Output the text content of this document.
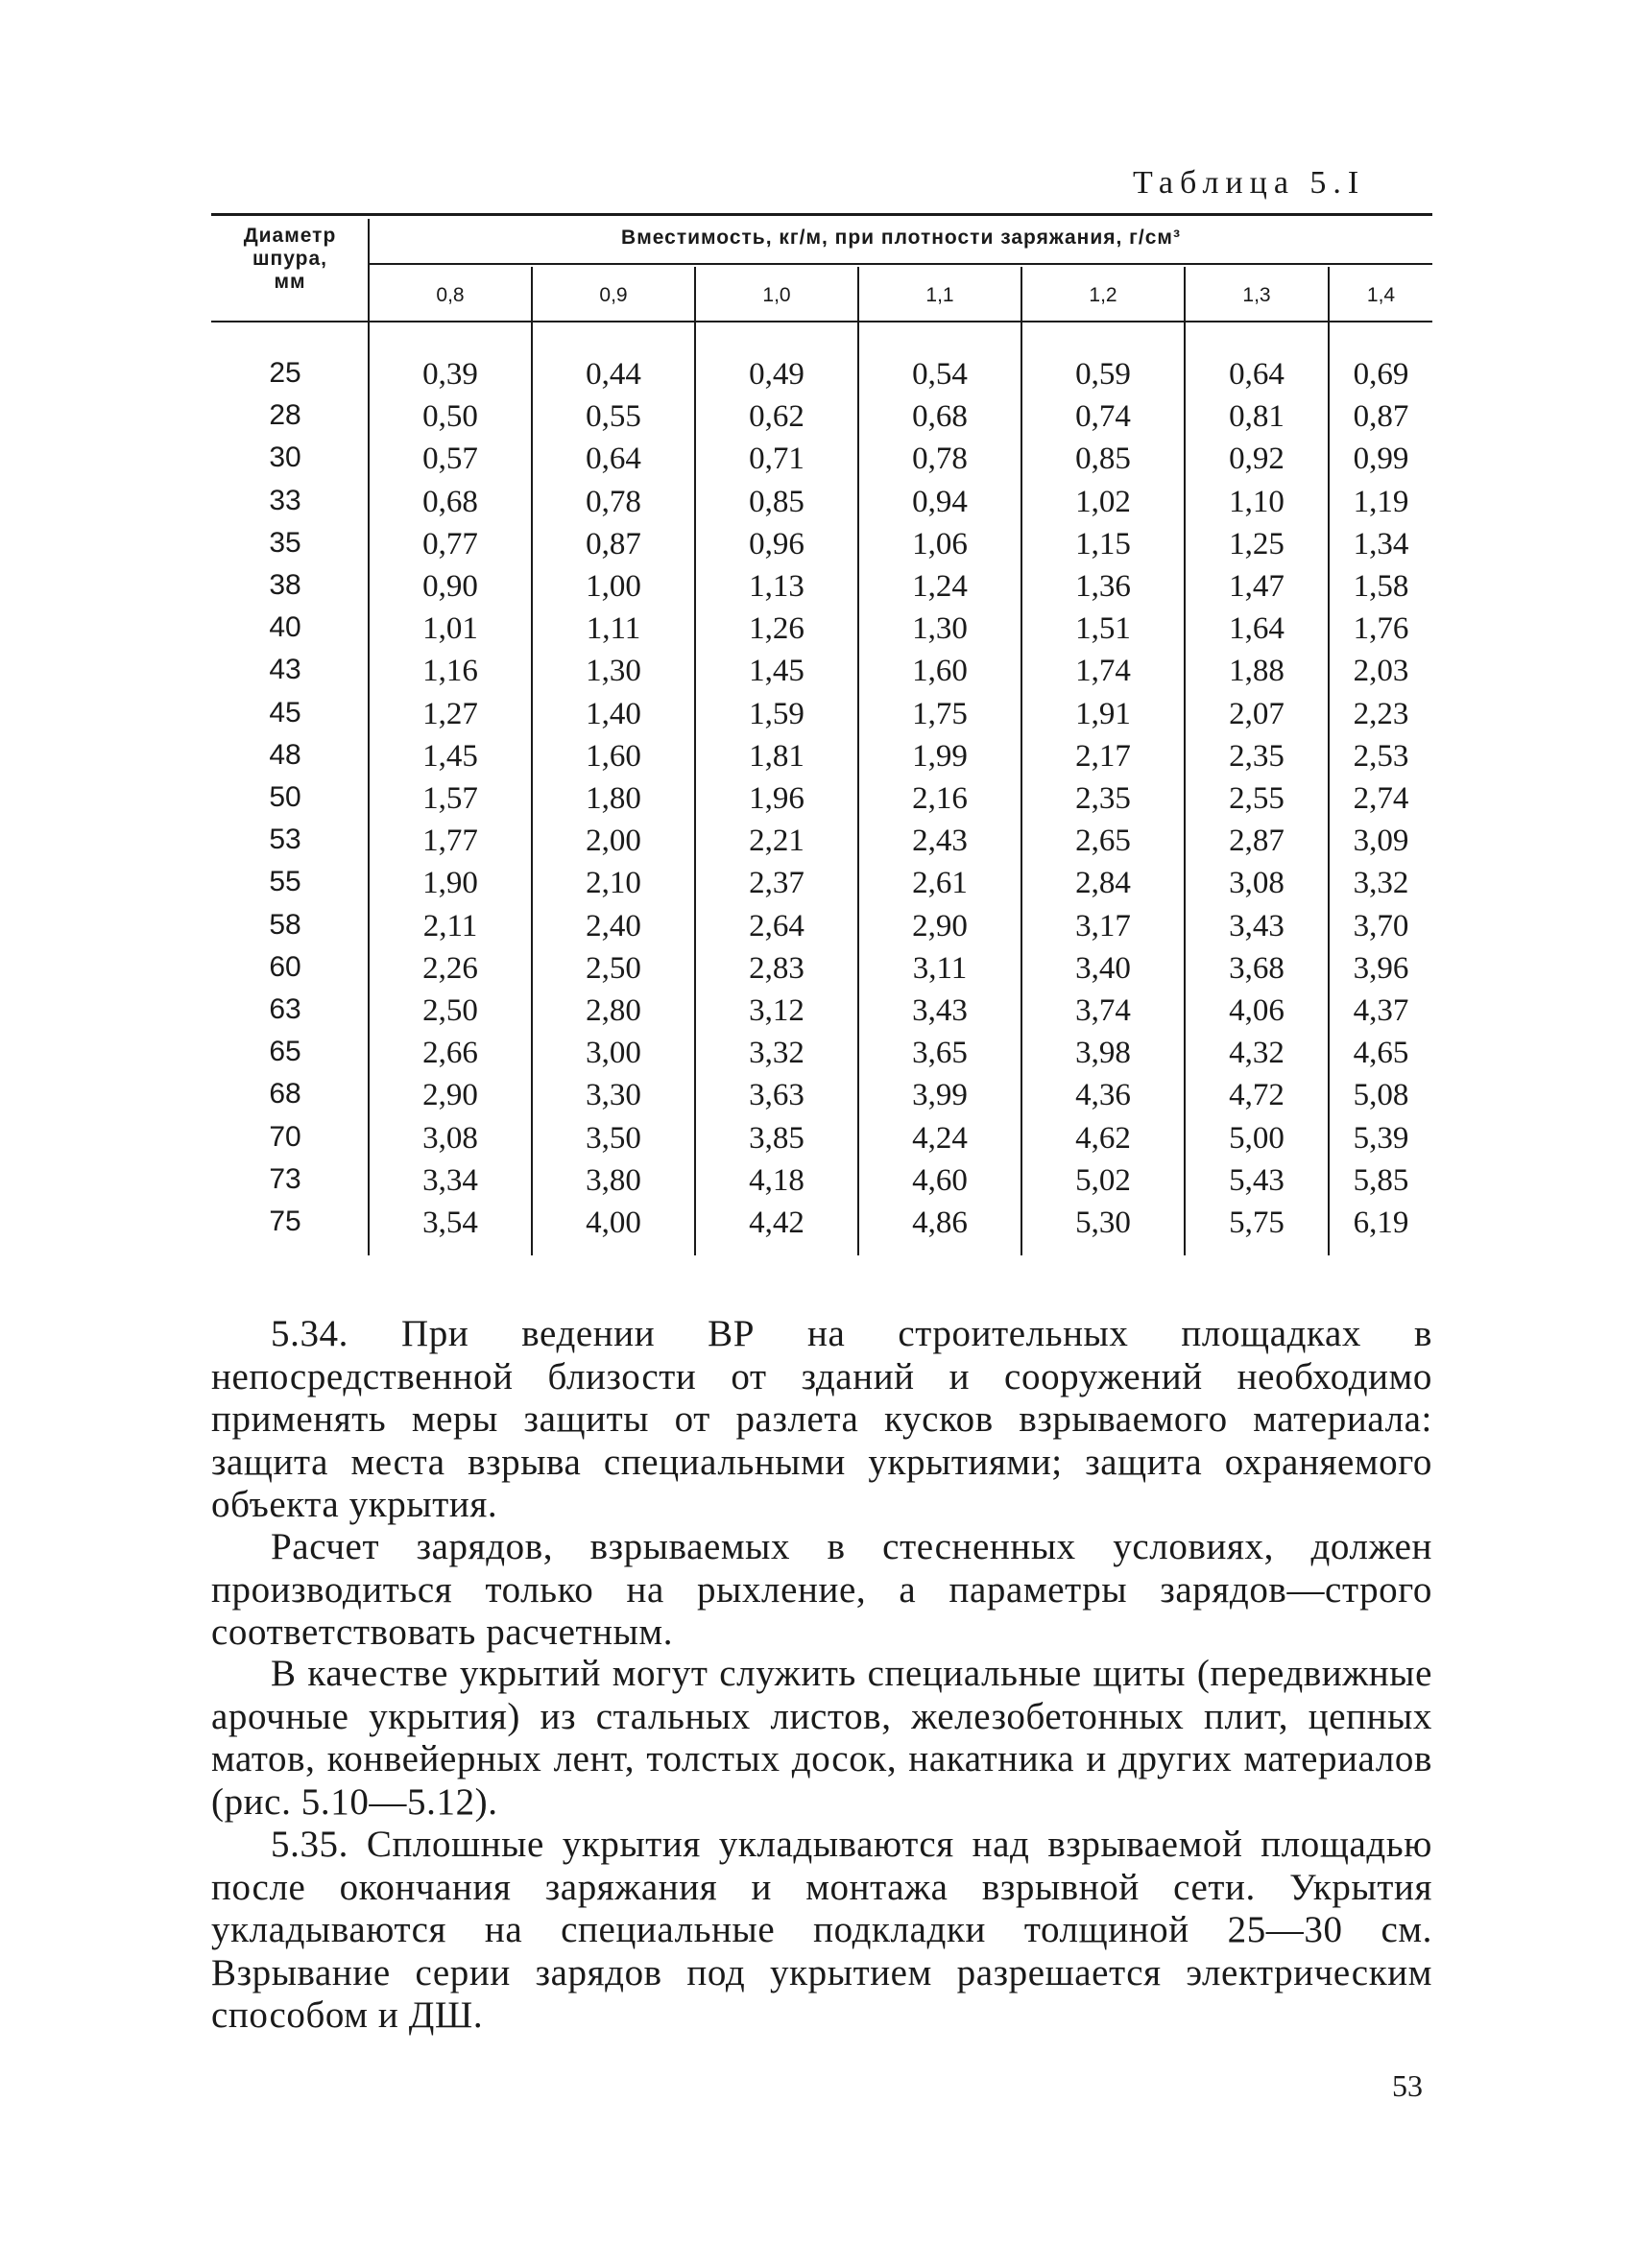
Таблица 5.I
Диаметр
шпура,
мм
Вместимость, кг/м, при плотности заряжания, г/см³
0,8	0,9	1,0	1,1	1,2	1,3	1,4
25	0,39	0,44	0,49	0,54	0,59	0,64	0,69
28	0,50	0,55	0,62	0,68	0,74	0,81	0,87
30	0,57	0,64	0,71	0,78	0,85	0,92	0,99
33	0,68	0,78	0,85	0,94	1,02	1,10	1,19
35	0,77	0,87	0,96	1,06	1,15	1,25	1,34
38	0,90	1,00	1,13	1,24	1,36	1,47	1,58
40	1,01	1,11	1,26	1,30	1,51	1,64	1,76
43	1,16	1,30	1,45	1,60	1,74	1,88	2,03
45	1,27	1,40	1,59	1,75	1,91	2,07	2,23
48	1,45	1,60	1,81	1,99	2,17	2,35	2,53
50	1,57	1,80	1,96	2,16	2,35	2,55	2,74
53	1,77	2,00	2,21	2,43	2,65	2,87	3,09
55	1,90	2,10	2,37	2,61	2,84	3,08	3,32
58	2,11	2,40	2,64	2,90	3,17	3,43	3,70
60	2,26	2,50	2,83	3,11	3,40	3,68	3,96
63	2,50	2,80	3,12	3,43	3,74	4,06	4,37
65	2,66	3,00	3,32	3,65	3,98	4,32	4,65
68	2,90	3,30	3,63	3,99	4,36	4,72	5,08
70	3,08	3,50	3,85	4,24	4,62	5,00	5,39
73	3,34	3,80	4,18	4,60	5,02	5,43	5,85
75	3,54	4,00	4,42	4,86	5,30	5,75	6,19
5.34. При ведении ВР на строительных площадках в непосредственной близости от зданий и сооружений необходимо применять меры защиты от разлета кусков взрываемого материала: защита места взрыва специальными укрытиями; защита охраняемого объекта укрытия.
Расчет зарядов, взрываемых в стесненных условиях, должен производиться только на рыхление, а параметры зарядов—строго соответствовать расчетным.
В качестве укрытий могут служить специальные щиты (передвижные арочные укрытия) из стальных листов, железобетонных плит, цепных матов, конвейерных лент, толстых досок, накатника и других материалов (рис. 5.10—5.12).
5.35. Сплошные укрытия укладываются над взрываемой площадью после окончания заряжания и монтажа взрывной сети. Укрытия укладываются на специальные подкладки толщиной 25—30 см. Взрывание серии зарядов под укрытием разрешается электрическим способом и ДШ.
53
